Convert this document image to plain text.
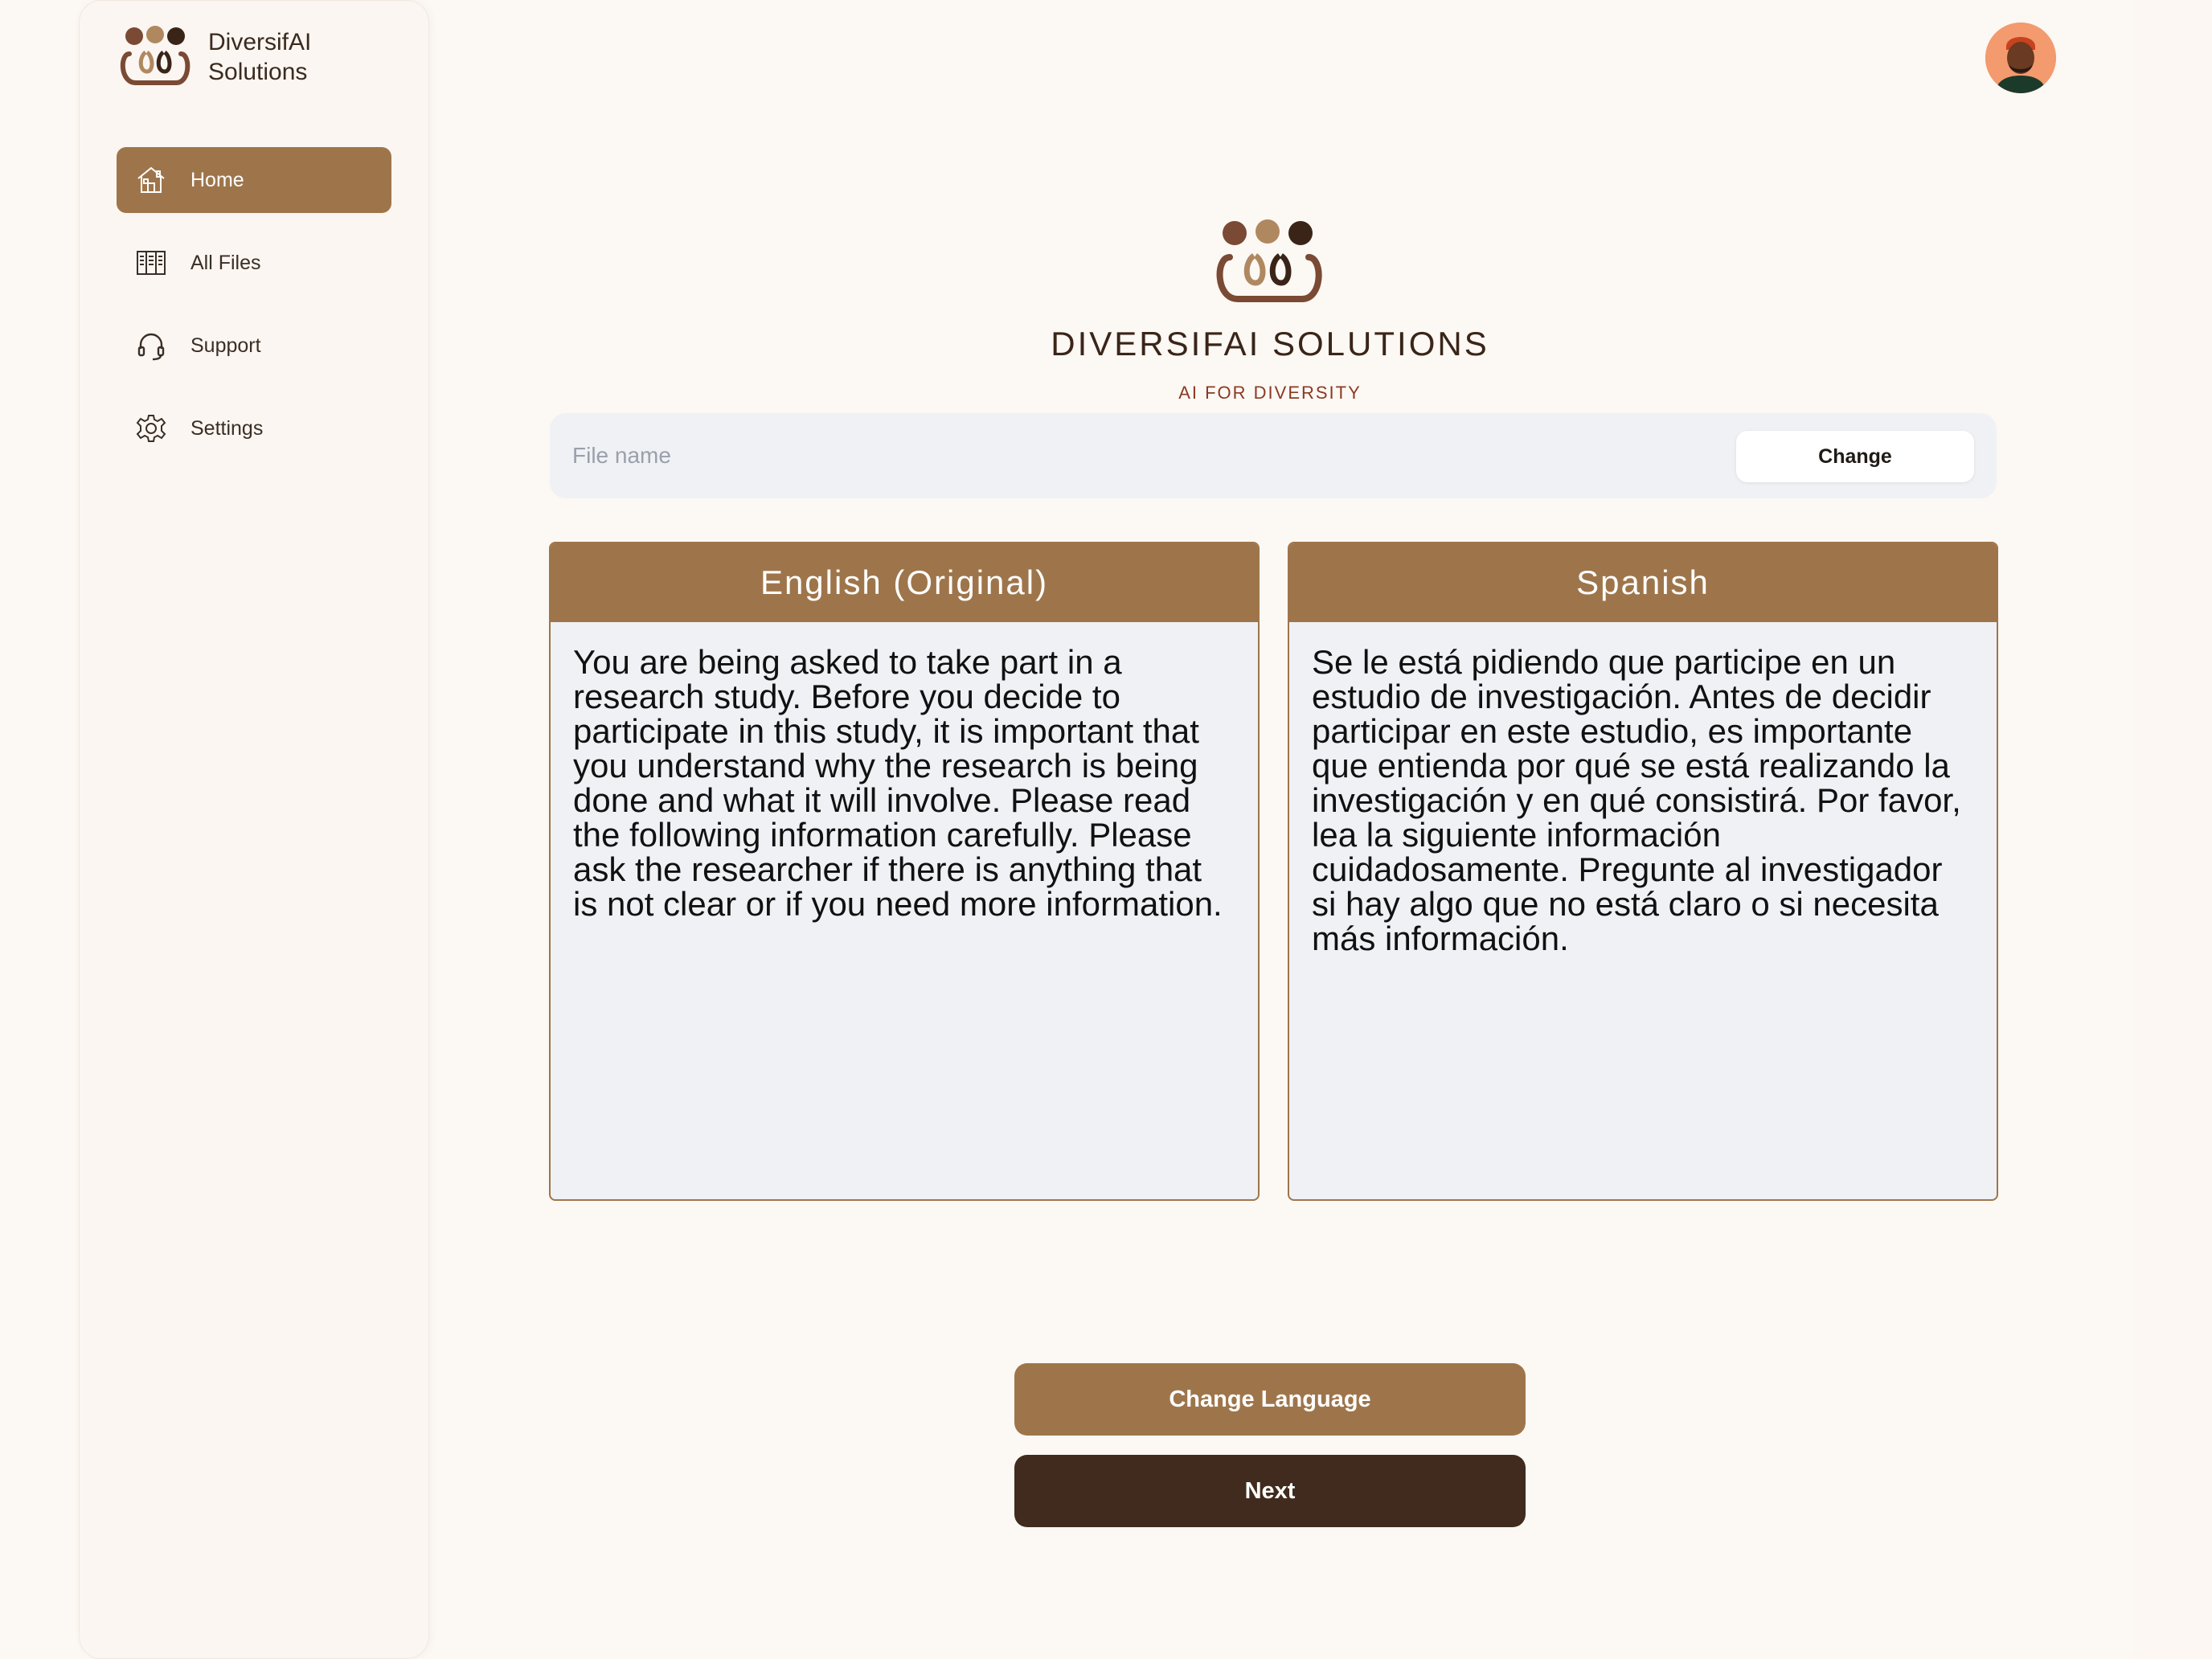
DiversifAI
Solutions
Home
All Files
Support
Settings
DIVERSIFAI SOLUTIONS
AI FOR DIVERSITY
File name
Change
English (Original)
You are being asked to take part in a research study. Before you decide to participate in this study, it is important that you understand why the research is being done and what it will involve. Please read the following information carefully. Please ask the researcher if there is anything that is not clear or if you need more information.
Spanish
Se le está pidiendo que participe en un estudio de investigación. Antes de decidir participar en este estudio, es importante que entienda por qué se está realizando la investigación y en qué consistirá. Por favor, lea la siguiente información cuidadosamente. Pregunte al investigador si hay algo que no está claro o si necesita más información.
Change Language
Next
